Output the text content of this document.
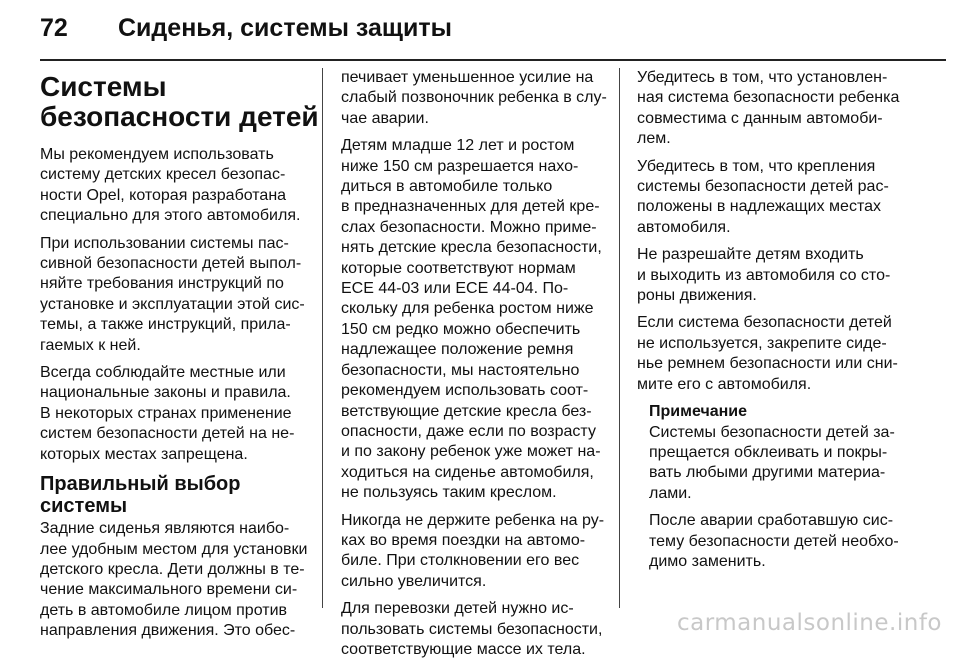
72	Сиденья, системы защиты
Системы
безопасности детей
Мы рекомендуем использовать
систему детских кресел безопас-
ности Opel, которая разработана
специально для этого автомобиля.
При использовании системы пас-
сивной безопасности детей выпол-
няйте требования инструкций по
установке и эксплуатации этой сис-
темы, а также инструкций, прила-
гаемых к ней.
Всегда соблюдайте местные или
национальные законы и правила.
В некоторых странах применение
систем безопасности детей на не-
которых местах запрещена.
Правильный выбор системы
Задние сиденья являются наибо-
лее удобным местом для установки
детского кресла. Дети должны в те-
чение максимального времени си-
деть в автомобиле лицом против
направления движения. Это обес-
печивает уменьшенное усилие на
слабый позвоночник ребенка в слу-
чае аварии.
Детям младше 12 лет и ростом
ниже 150 см разрешается нахо-
диться в автомобиле только
в предназначенных для детей кре-
слах безопасности. Можно приме-
нять детские кресла безопасности,
которые соответствуют нормам
ECE 44-03 или ECE 44-04. По-
скольку для ребенка ростом ниже
150 см редко можно обеспечить
надлежащее положение ремня
безопасности, мы настоятельно
рекомендуем использовать соот-
ветствующие детские кресла без-
опасности, даже если по возрасту
и по закону ребенок уже может на-
ходиться на сиденье автомобиля,
не пользуясь таким креслом.
Никогда не держите ребенка на ру-
ках во время поездки на автомо-
биле. При столкновении его вес
сильно увеличится.
Для перевозки детей нужно ис-
пользовать системы безопасности,
соответствующие массе их тела.
Убедитесь в том, что установлен-
ная система безопасности ребенка
совместима с данным автомоби-
лем.
Убедитесь в том, что крепления
системы безопасности детей рас-
положены в надлежащих местах
автомобиля.
Не разрешайте детям входить
и выходить из автомобиля со сто-
роны движения.
Если система безопасности детей
не используется, закрепите сиде-
нье ремнем безопасности или сни-
мите его с автомобиля.
Примечание
Системы безопасности детей за-
прещается обклеивать и покры-
вать любыми другими материа-
лами.
После аварии сработавшую сис-
тему безопасности детей необхо-
димо заменить.
carmanualsonline.info
